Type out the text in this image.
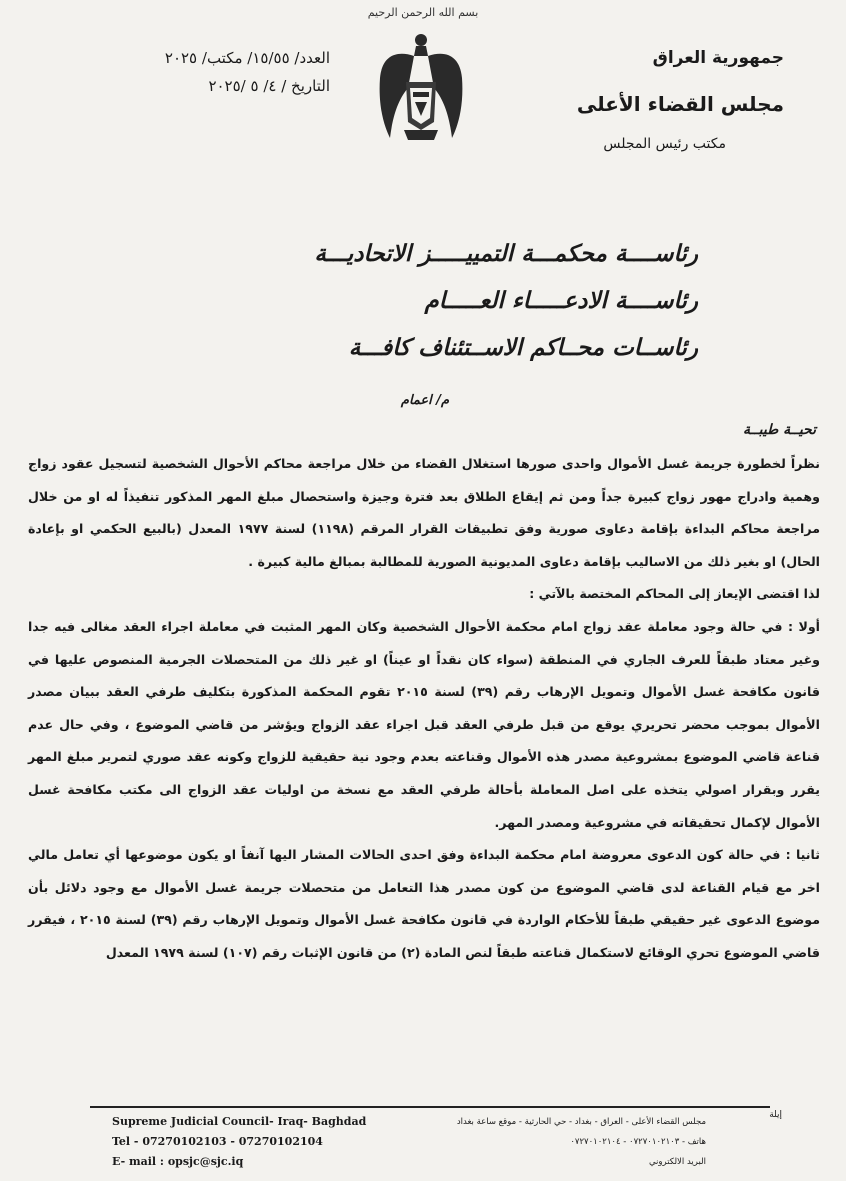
بسم الله الرحمن الرحيم

جمهورية العراق

مجلس القضاء الأعلى

مكتب رئيس المجلس

العدد/ ١٥/٥٥/ مكتب/ ٢٠٢٥

التاريخ / ٤/ ٥ /٢٠٢٥

رئاســــة محكمـــة التمييـــــز الاتحاديـــة

رئاســــة الادعـــــاء العـــــام

رئاســات محــاكم الاســتئناف كافـــة

م/ اعمام
تحيــة طيبــة

نظراً لخطورة جريمة غسل الأموال واحدى صورها استغلال القضاء من خلال مراجعة محاكم الأحوال الشخصية لتسجيل عقود زواج وهمية وادراج مهور زواج كبيرة جداً ومن ثم إيقاع الطلاق بعد فترة وجيزة واستحصال مبلغ المهر المذكور تنفيذاً له او من خلال مراجعة محاكم البداءة بإقامة دعاوى صورية وفق تطبيقات القرار المرقم (١١٩٨) لسنة ١٩٧٧ المعدل (بالبيع الحكمي او بإعادة الحال) او بغير ذلك من الاساليب بإقامة دعاوى المديونية الصورية للمطالبة بمبالغ مالية كبيرة .

لذا اقتضى الإيعاز إلى المحاكم المختصة بالآتي :

أولا : في حالة وجود معاملة عقد زواج امام محكمة الأحوال الشخصية وكان المهر المثبت في معاملة اجراء العقد مغالى فيه جدا وغير معتاد طبقاً للعرف الجاري في المنطقة (سواء كان نقداً او عيناً) او غير ذلك من المتحصلات الجرمية المنصوص عليها في قانون مكافحة غسل الأموال وتمويل الإرهاب رقم (٣٩) لسنة ٢٠١٥ تقوم المحكمة المذكورة بتكليف طرفي العقد ببيان مصدر الأموال بموجب محضر تحريري يوقع من قبل طرفي العقد قبل اجراء عقد الزواج ويؤشر من قاضي الموضوع ، وفي حال عدم قناعة قاضي الموضوع بمشروعية مصدر هذه الأموال وقناعته بعدم وجود نية حقيقية للزواج وكونه عقد صوري لتمرير مبلغ المهر يقرر وبقرار اصولي يتخذه على اصل المعاملة بأحالة طرفي العقد مع نسخة من اوليات عقد الزواج الى مكتب مكافحة غسل الأموال لإكمال تحقيقاته في مشروعية ومصدر المهر.

ثانيا : في حالة كون الدعوى معروضة امام محكمة البداءة وفق احدى الحالات المشار اليها آنفاً او يكون موضوعها أي تعامل مالي اخر مع قيام القناعة لدى قاضي الموضوع من كون مصدر هذا التعامل من متحصلات جريمة غسل الأموال مع وجود دلائل بأن موضوع الدعوى غير حقيقي طبقاً للأحكام الواردة في قانون مكافحة غسل الأموال وتمويل الإرهاب رقم (٣٩) لسنة ٢٠١٥ ، فيقرر قاضي الموضوع تحري الوقائع لاستكمال قناعته طبقاً لنص المادة (٢) من قانون الإثبات رقم (١٠٧) لسنة ١٩٧٩ المعدل

Supreme Judicial Council- Iraq- Baghdad
Tel - 07270102103 - 07270102104
E- mail : opsjc@sjc.iq
مجلس القضاء الأعلى - العراق - بغداد - حي الحارثية - موقع ساعة بغداد
هاتف - ٠٧٢٧٠١٠٢١٠٣ - ٠٧٢٧٠١٠٢١٠٤
البريد الالكتروني
إيلة
